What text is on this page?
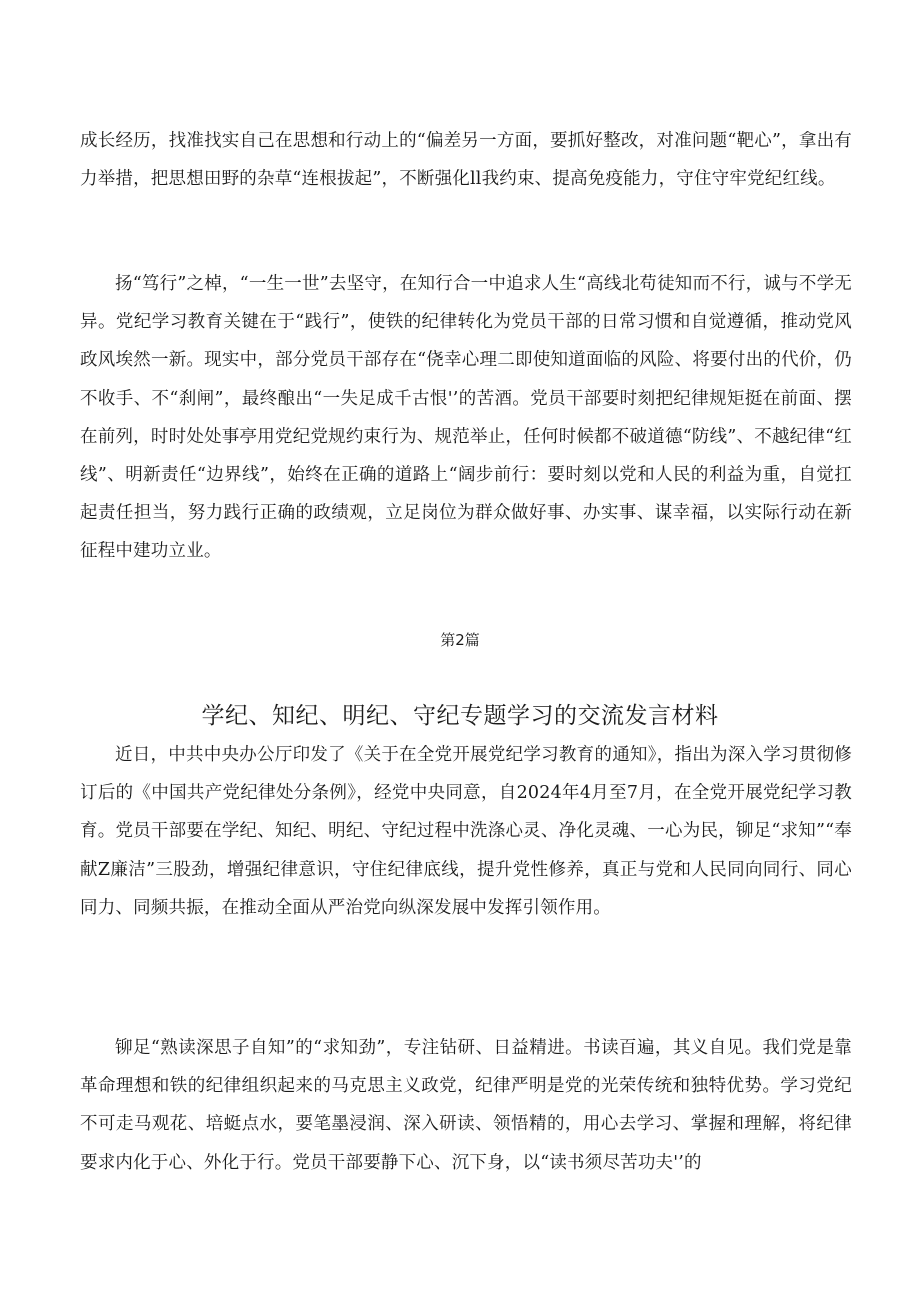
成长经历，找准找实自己在思想和行动上的“偏差另一方面，要抓好整改，对准问题“靶心”，拿出有力举措，把思想田野的杂草“连根拔起”，不断强化ll我约束、提高免疫能力，守住守牢党纪红线。

扬“笃行”之棹，“一生一世”去坚守，在知行合一中追求人生“高线北苟徒知而不行，诚与不学无异。党纪学习教育关键在于“践行”，使铁的纪律转化为党员干部的日常习惯和自觉遵循，推动党风政风埃然一新。现实中，部分党员干部存在“侥幸心理二即使知道面临的风险、将要付出的代价，仍不收手、不“刹闸”，最终酿出“一失足成千古恨'’的苦酒。党员干部要时刻把纪律规矩挺在前面、摆在前列，时时处处事亭用党纪党规约束行为、规范举止，任何时候都不破道德“防线”、不越纪律“红线”、明新责任“边界线”，始终在正确的道路上“阔步前行：要时刻以党和人民的利益为重，自觉扛起责任担当，努力践行正确的政绩观，立足岗位为群众做好事、办实事、谋幸福，以实际行动在新征程中建功立业。

第2篇
学纪、知纪、明纪、守纪专题学习的交流发言材料

近日，中共中央办公厅印发了《关于在全党开展党纪学习教育的通知》，指出为深入学习贯彻修订后的《中国共产党纪律处分条例》，经党中央同意，自2024年4月至7月，在全党开展党纪学习教育。党员干部要在学纪、知纪、明纪、守纪过程中洗涤心灵、净化灵魂、一心为民，铆足“求知”“奉献Z廉洁”三股劲，增强纪律意识，守住纪律底线，提升党性修养，真正与党和人民同向同行、同心同力、同频共振，在推动全面从严治党向纵深发展中发挥引领作用。

铆足“熟读深思子自知”的“求知劲”，专注钻研、日益精进。书读百遍，其义自见。我们党是靠革命理想和铁的纪律组织起来的马克思主义政党，纪律严明是党的光荣传统和独特优势。学习党纪不可走马观花、培蜓点水，要笔墨浸润、深入研读、领悟精的，用心去学习、掌握和理解，将纪律要求内化于心、外化于行。党员干部要静下心、沉下身，以“读书须尽苦功夫'’的
